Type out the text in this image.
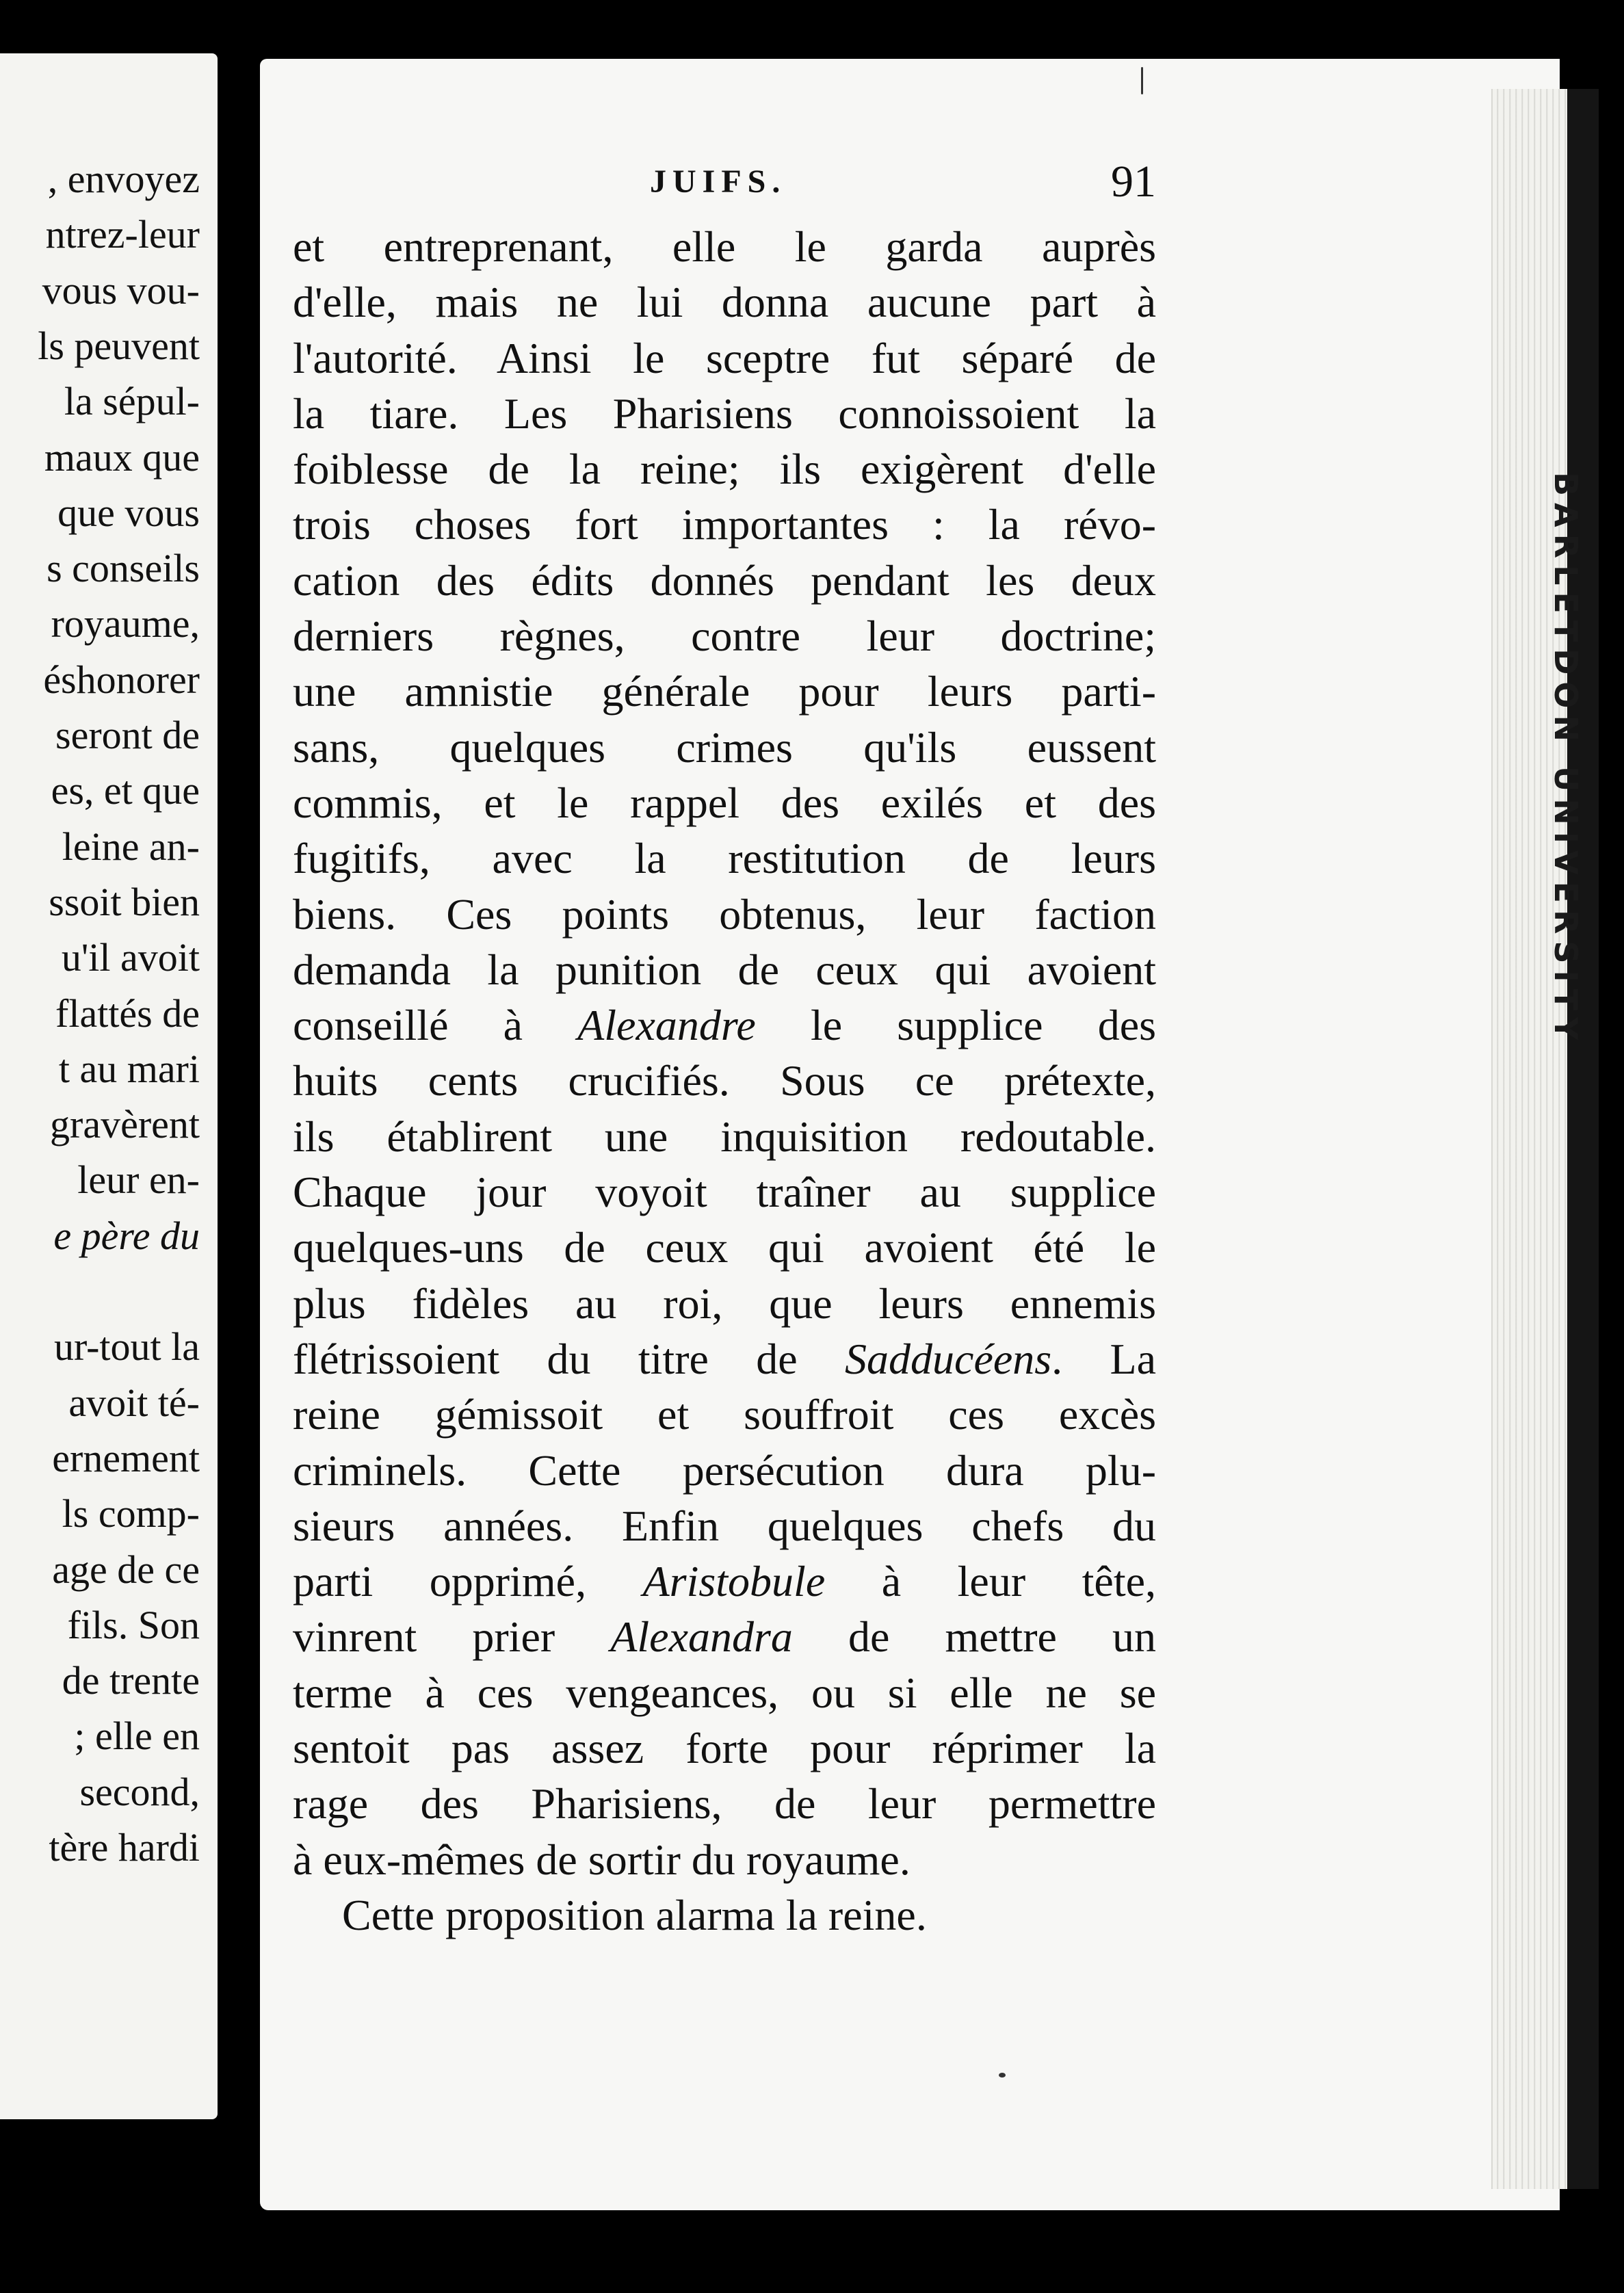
, envoyez
ntrez-leur
vous vou-
ls peuvent
la sépul-
maux que
que vous
s conseils
royaume,
éshonorer
seront de
es, et que
leine an-
ssoit bien
u'il avoit
flattés de
t au mari
gravèrent
leur en-
e père du
ur-tout la
avoit té-
ernement
ls comp-
age de ce
fils. Son
de trente
; elle en
second,
tère hardi
BARLETDON UNIVERSITY
JUIFS.	91
et entreprenant, elle le garda auprès
d'elle, mais ne lui donna aucune part à
l'autorité. Ainsi le sceptre fut séparé de
la tiare. Les Pharisiens connoissoient la
foiblesse de la reine; ils exigèrent d'elle
trois choses fort importantes : la révo-
cation des édits donnés pendant les deux
derniers règnes, contre leur doctrine;
une amnistie générale pour leurs parti-
sans, quelques crimes qu'ils eussent
commis, et le rappel des exilés et des
fugitifs, avec la restitution de leurs
biens. Ces points obtenus, leur faction
demanda la punition de ceux qui avoient
conseillé à Alexandre le supplice des
huits cents crucifiés. Sous ce prétexte,
ils établirent une inquisition redoutable.
Chaque jour voyoit traîner au supplice
quelques-uns de ceux qui avoient été le
plus fidèles au roi, que leurs ennemis
flétrissoient du titre de Sadducéens. La
reine gémissoit et souffroit ces excès
criminels. Cette persécution dura plu-
sieurs années. Enfin quelques chefs du
parti opprimé, Aristobule à leur tête,
vinrent prier Alexandra de mettre un
terme à ces vengeances, ou si elle ne se
sentoit pas assez forte pour réprimer la
rage des Pharisiens, de leur permettre
à eux-mêmes de sortir du royaume.
Cette proposition alarma la reine.
